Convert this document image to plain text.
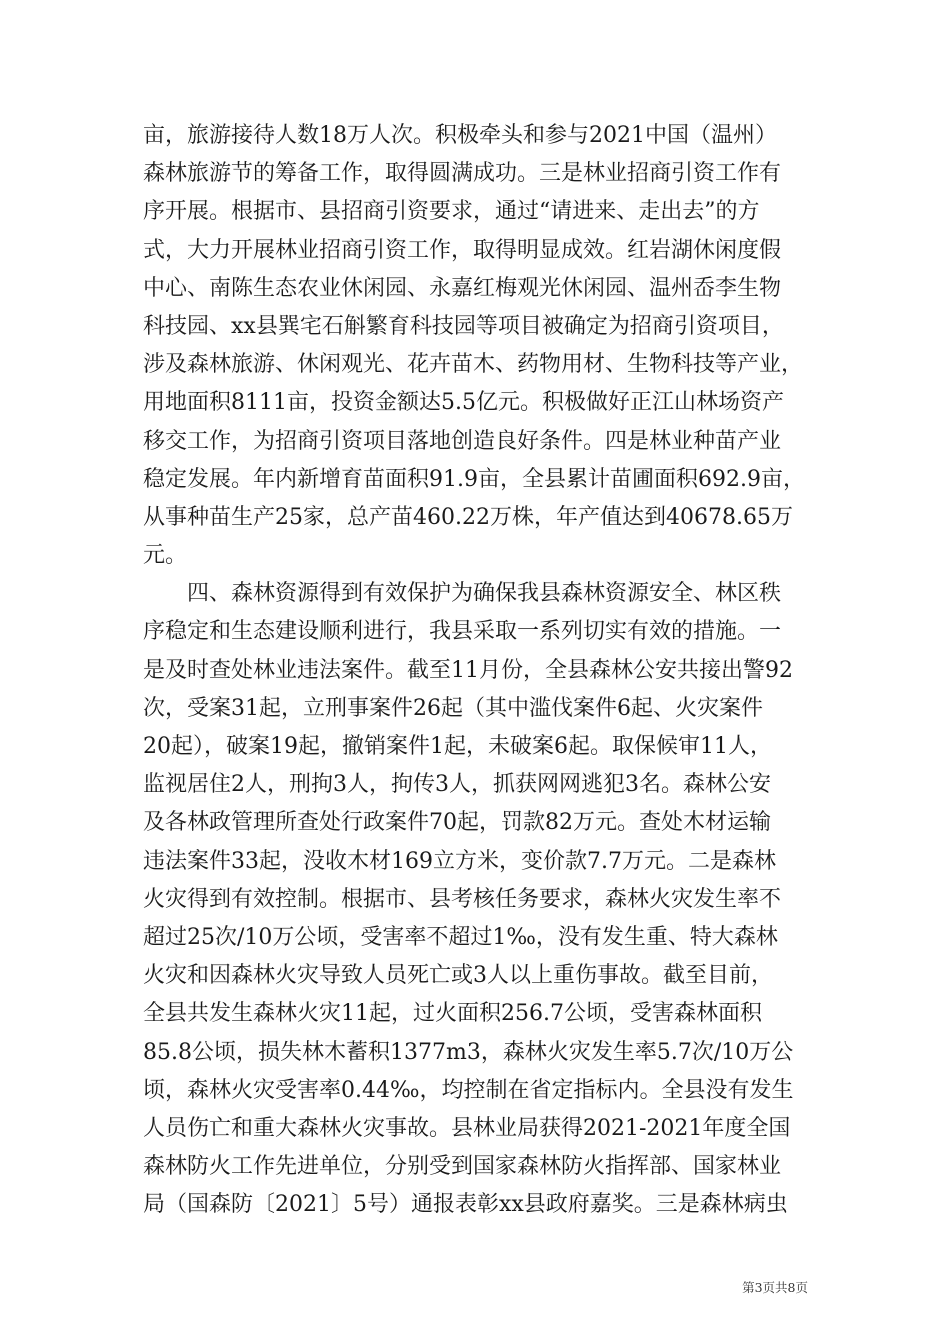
亩，旅游接待人数18万人次。积极牵头和参与2021中国（温州）
森林旅游节的筹备工作，取得圆满成功。三是林业招商引资工作有
序开展。根据市、县招商引资要求，通过“请进来、走出去”的方
式，大力开展林业招商引资工作，取得明显成效。红岩湖休闲度假
中心、南陈生态农业休闲园、永嘉红梅观光休闲园、温州岙李生物
科技园、xx县巽宅石斛繁育科技园等项目被确定为招商引资项目，
涉及森林旅游、休闲观光、花卉苗木、药物用材、生物科技等产业，
用地面积8111亩，投资金额达5.5亿元。积极做好正江山林场资产
移交工作，为招商引资项目落地创造良好条件。四是林业种苗产业
稳定发展。年内新增育苗面积91.9亩，全县累计苗圃面积692.9亩，
从事种苗生产25家，总产苗460.22万株，年产值达到40678.65万
元。
　　四、森林资源得到有效保护为确保我县森林资源安全、林区秩
序稳定和生态建设顺利进行，我县采取一系列切实有效的措施。一
是及时查处林业违法案件。截至11月份，全县森林公安共接出警92
次，受案31起，立刑事案件26起（其中滥伐案件6起、火灾案件
20起），破案19起，撤销案件1起，未破案6起。取保候审11人，
监视居住2人，刑拘3人，拘传3人，抓获网网逃犯3名。森林公安
及各林政管理所查处行政案件70起，罚款82万元。查处木材运输
违法案件33起，没收木材169立方米，变价款7.7万元。二是森林
火灾得到有效控制。根据市、县考核任务要求，森林火灾发生率不
超过25次/10万公顷，受害率不超过1‰，没有发生重、特大森林
火灾和因森林火灾导致人员死亡或3人以上重伤事故。截至目前，
全县共发生森林火灾11起，过火面积256.7公顷，受害森林面积
85.8公顷，损失林木蓄积1377m3，森林火灾发生率5.7次/10万公
顷，森林火灾受害率0.44‰，均控制在省定指标内。全县没有发生
人员伤亡和重大森林火灾事故。县林业局获得2021-2021年度全国
森林防火工作先进单位，分别受到国家森林防火指挥部、国家林业
局（国森防〔2021〕5号）通报表彰xx县政府嘉奖。三是森林病虫
第3页共8页
